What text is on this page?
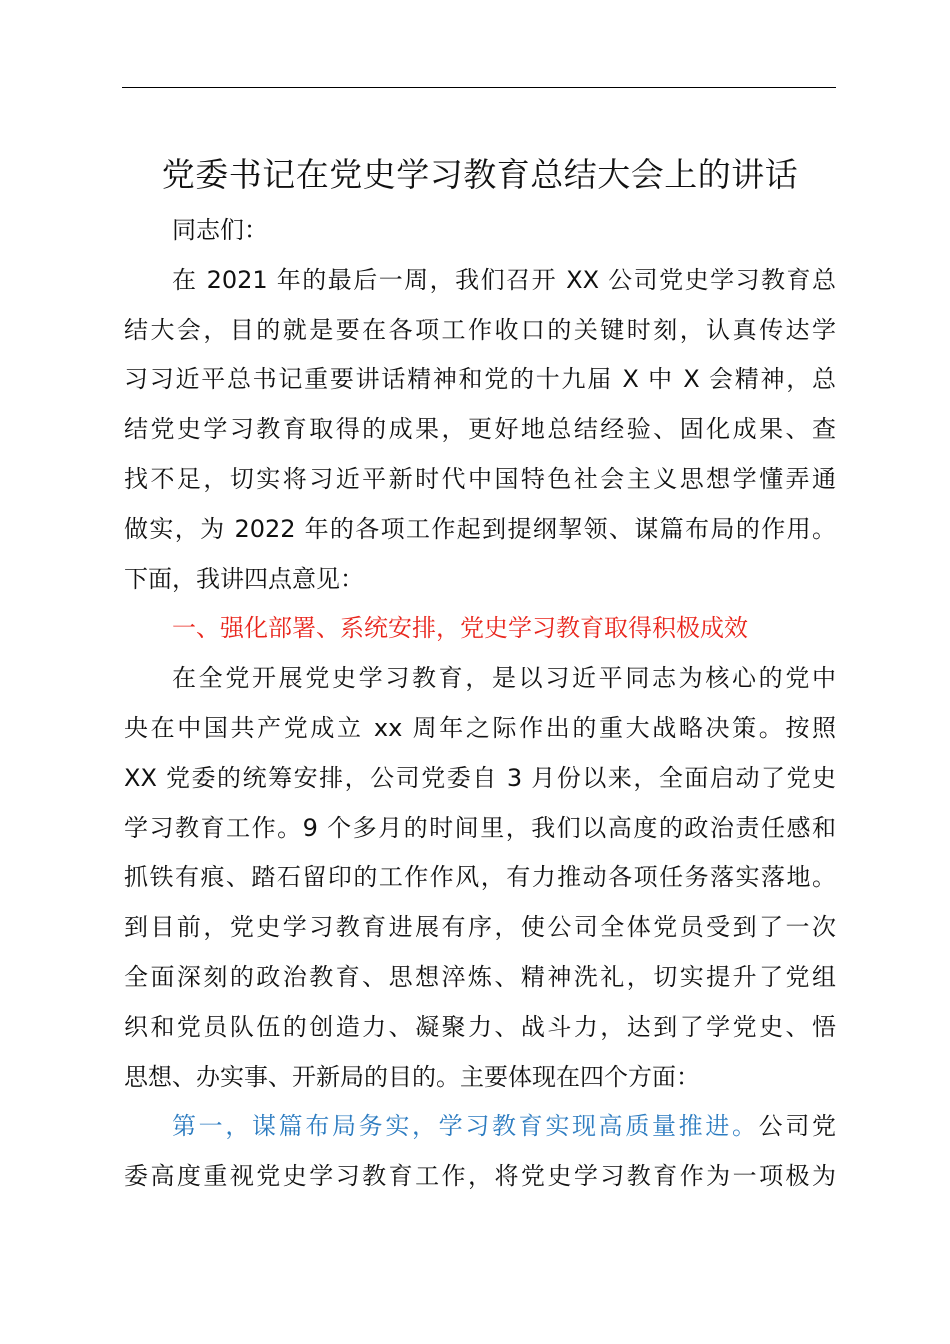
党委书记在党史学习教育总结大会上的讲话
同志们：
在 2021 年的最后一周，我们召开 XX 公司党史学习教育总
结大会，目的就是要在各项工作收口的关键时刻，认真传达学
习习近平总书记重要讲话精神和党的十九届 X 中 X 会精神，总
结党史学习教育取得的成果，更好地总结经验、固化成果、查
找不足，切实将习近平新时代中国特色社会主义思想学懂弄通
做实，为 2022 年的各项工作起到提纲挈领、谋篇布局的作用。
下面，我讲四点意见：
一、强化部署、系统安排，党史学习教育取得积极成效
在全党开展党史学习教育，是以习近平同志为核心的党中
央在中国共产党成立 xx 周年之际作出的重大战略决策。按照
XX 党委的统筹安排，公司党委自 3 月份以来，全面启动了党史
学习教育工作。9 个多月的时间里，我们以高度的政治责任感和
抓铁有痕、踏石留印的工作作风，有力推动各项任务落实落地。
到目前，党史学习教育进展有序，使公司全体党员受到了一次
全面深刻的政治教育、思想淬炼、精神洗礼，切实提升了党组
织和党员队伍的创造力、凝聚力、战斗力，达到了学党史、悟
思想、办实事、开新局的目的。主要体现在四个方面：
第一，谋篇布局务实，学习教育实现高质量推进。公司党
委高度重视党史学习教育工作，将党史学习教育作为一项极为
